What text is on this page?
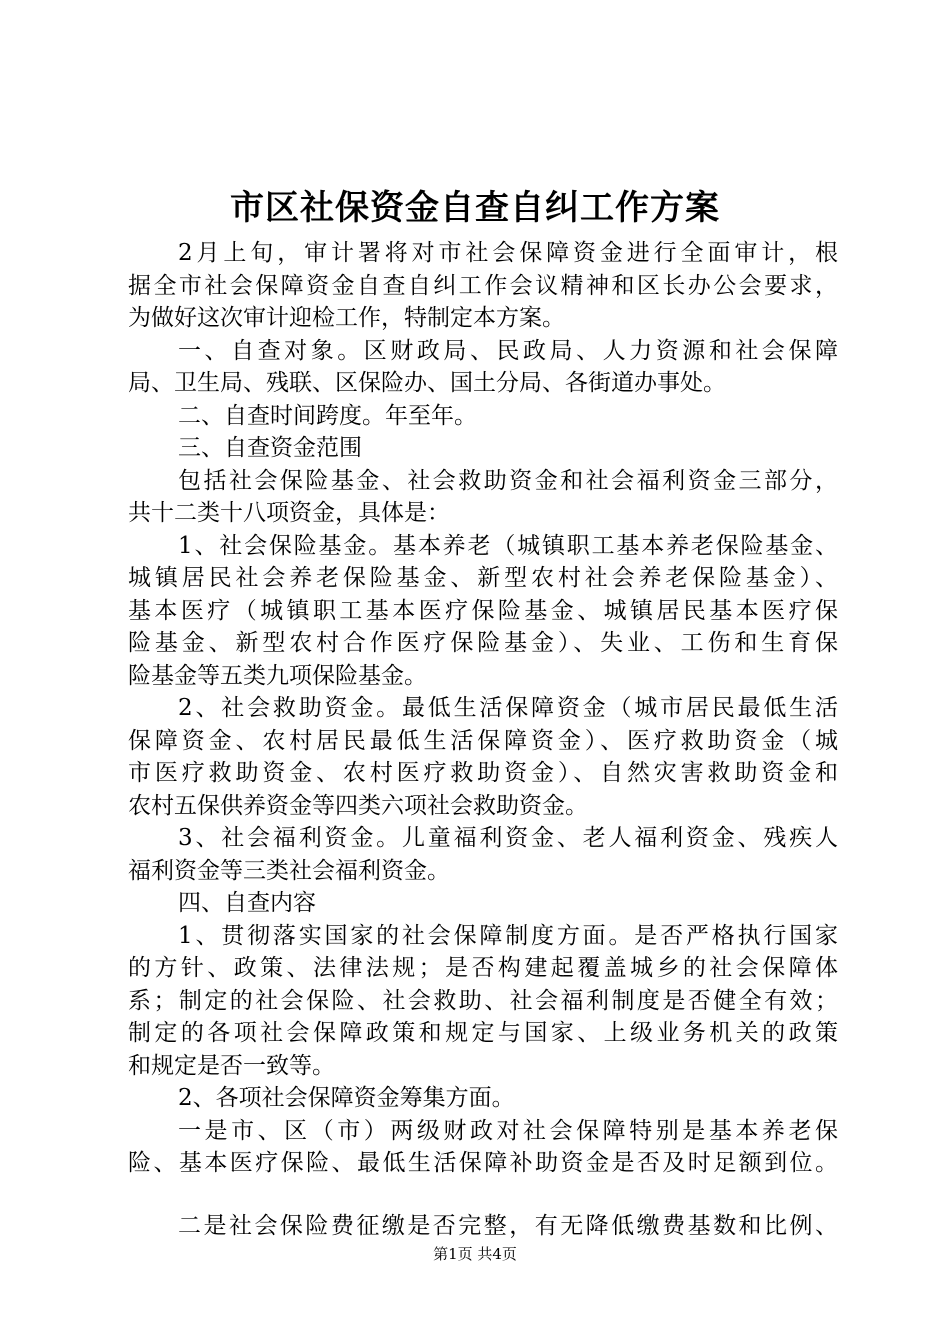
市区社保资金自查自纠工作方案
2月上旬，审计署将对市社会保障资金进行全面审计，根
据全市社会保障资金自查自纠工作会议精神和区长办公会要求，
为做好这次审计迎检工作，特制定本方案。
一、自查对象。区财政局、民政局、人力资源和社会保障
局、卫生局、残联、区保险办、国土分局、各街道办事处。
二、自查时间跨度。年至年。
三、自查资金范围
包括社会保险基金、社会救助资金和社会福利资金三部分，
共十二类十八项资金，具体是：
1、社会保险基金。基本养老（城镇职工基本养老保险基金、
城镇居民社会养老保险基金、新型农村社会养老保险基金）、
基本医疗（城镇职工基本医疗保险基金、城镇居民基本医疗保
险基金、新型农村合作医疗保险基金）、失业、工伤和生育保
险基金等五类九项保险基金。
2、社会救助资金。最低生活保障资金（城市居民最低生活
保障资金、农村居民最低生活保障资金）、医疗救助资金（城
市医疗救助资金、农村医疗救助资金）、自然灾害救助资金和
农村五保供养资金等四类六项社会救助资金。
3、社会福利资金。儿童福利资金、老人福利资金、残疾人
福利资金等三类社会福利资金。
四、自查内容
1、贯彻落实国家的社会保障制度方面。是否严格执行国家
的方针、政策、法律法规；是否构建起覆盖城乡的社会保障体
系；制定的社会保险、社会救助、社会福利制度是否健全有效；
制定的各项社会保障政策和规定与国家、上级业务机关的政策
和规定是否一致等。
2、各项社会保障资金筹集方面。
一是市、区（市）两级财政对社会保障特别是基本养老保
险、基本医疗保险、最低生活保障补助资金是否及时足额到位。
二是社会保险费征缴是否完整，有无降低缴费基数和比例、
第1页 共4页
